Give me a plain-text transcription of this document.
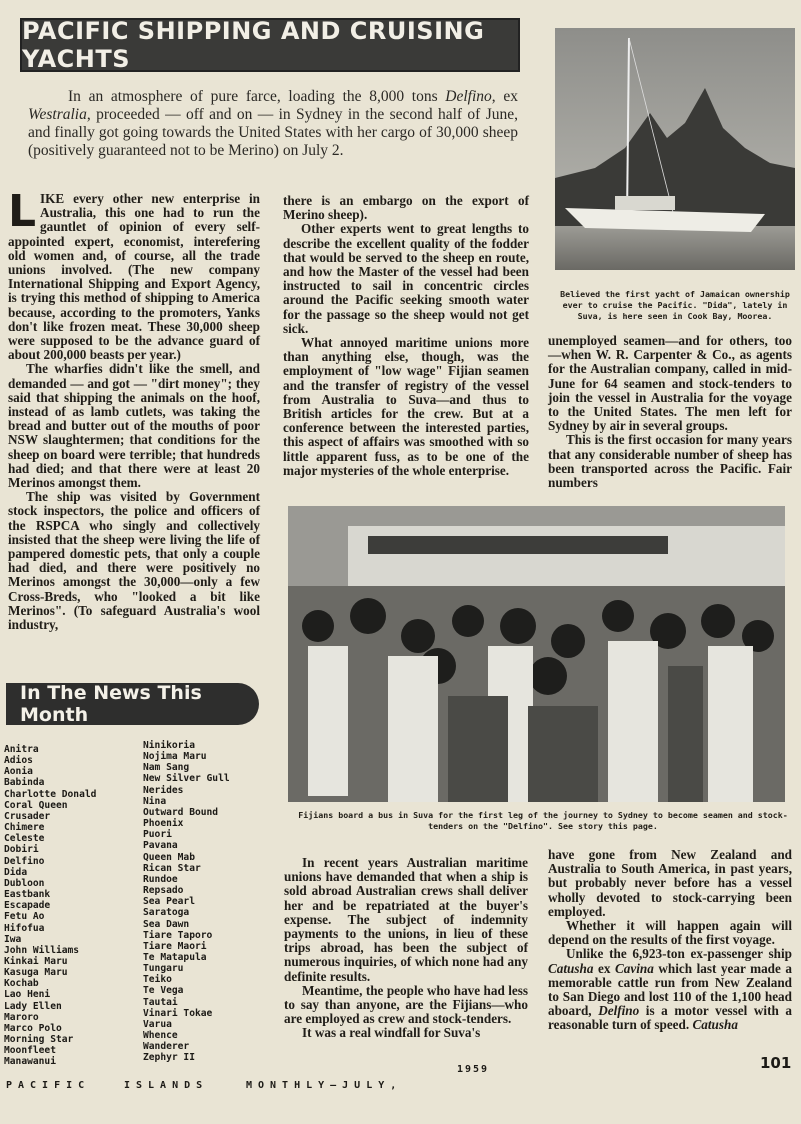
PACIFIC SHIPPING AND CRUISING YACHTS
In an atmosphere of pure farce, loading the 8,000 tons Delfino, ex Westralia, proceeded — off and on — in Sydney in the second half of June, and finally got going towards the United States with her cargo of 30,000 sheep (positively guaranteed not to be Merino) on July 2.

LIKE every other new enterprise in Australia, this one had to run the gauntlet of opinion of every self-appointed expert, economist, interefering old women and, of course, all the trade unions involved. (The new company International Shipping and Export Agency, is trying this method of shipping to America because, according to the promoters, Yanks don't like frozen meat. These 30,000 sheep were supposed to be the advance guard of about 200,000 beasts per year.)

The wharfies didn't like the smell, and demanded — and got — "dirt money"; they said that shipping the animals on the hoof, instead of as lamb cutlets, was taking the bread and butter out of the mouths of poor NSW slaughtermen; that conditions for the sheep on board were terrible; that hundreds had died; and that there were at least 20 Merinos amongst them.

The ship was visited by Government stock inspectors, the police and officers of the RSPCA who singly and collectively insisted that the sheep were living the life of pampered domestic pets, that only a couple had died, and there were positively no Merinos amongst the 30,000—only a few Cross-Breds, who "looked a bit like Merinos". (To safeguard Australia's wool industry,

there is an embargo on the export of Merino sheep).

Other experts went to great lengths to describe the excellent quality of the fodder that would be served to the sheep en route, and how the Master of the vessel had been instructed to sail in concentric circles around the Pacific seeking smooth water for the passage so the sheep would not get sick.

What annoyed maritime unions more than anything else, though, was the employment of "low wage" Fijian seamen and the transfer of registry of the vessel from Australia to Suva—and thus to British articles for the crew. But at a conference between the interested parties, this aspect of affairs was smoothed with so little apparent fuss, as to be one of the major mysteries of the whole enterprise.

Believed the first yacht of Jamaican ownership ever to cruise the Pacific. "Dida", lately in Suva, is here seen in Cook Bay, Moorea.

unemployed seamen—and for others, too—when W. R. Carpenter & Co., as agents for the Australian company, called in mid-June for 64 seamen and stock-tenders to join the vessel in Australia for the voyage to the United States. The men left for Sydney by air in several groups.

This is the first occasion for many years that any considerable number of sheep has been transported across the Pacific. Fair numbers

Fijians board a bus in Suva for the first leg of the journey to Sydney to become seamen and stock-tenders on the "Delfino". See story this page.

In recent years Australian maritime unions have demanded that when a ship is sold abroad Australian crews shall deliver her and be repatriated at the buyer's expense. The subject of indemnity payments to the unions, in lieu of these trips abroad, has been the subject of numerous inquiries, of which none had any definite results.

Meantime, the people who have had less to say than anyone, are the Fijians—who are employed as crew and stock-tenders.

It was a real windfall for Suva's

have gone from New Zealand and Australia to South America, in past years, but probably never before has a vessel wholly devoted to stock-carrying been employed.

Whether it will happen again will depend on the results of the first voyage.

Unlike the 6,923-ton ex-passenger ship Catusha ex Cavina which last year made a memorable cattle run from New Zealand to San Diego and lost 110 of the 1,100 head aboard, Delfino is a motor vessel with a reasonable turn of speed. Catusha

In The News This Month
Anitra
Adios
Aonia
Babinda
Charlotte Donald
Coral Queen
Crusader
Chimere
Celeste
Dobiri
Delfino
Dida
Dubloon
Eastbank
Escapade
Fetu Ao
Hifofua
Iwa
John Williams
Kinkai Maru
Kasuga Maru
Kochab
Lao Heni
Lady Ellen
Maroro
Marco Polo
Morning Star
Moonfleet
Manawanui
Ninikoria
Nojima Maru
Nam Sang
New Silver Gull
Nerides
Nina
Outward Bound
Phoenix
Puori
Pavana
Queen Mab
Rican Star
Rundoe
Repsado
Sea Pearl
Saratoga
Sea Dawn
Tiare Taporo
Tiare Maori
Te Matapula
Tungaru
Teiko
Te Vega
Tautai
Vinari Tokae
Varua
Whence
Wanderer
Zephyr II
PACIFIC	ISLANDS	MONTHLY—JULY,
1959	101
